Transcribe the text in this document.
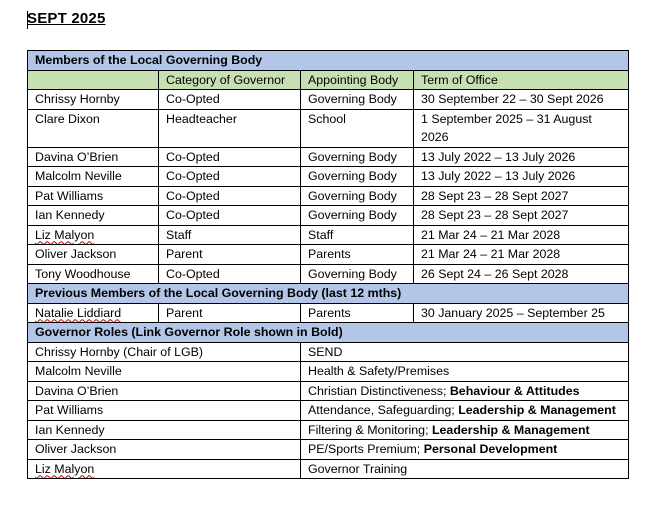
SEPT 2025
Members of the Local Governing Body			
	Category of Governor	Appointing Body	Term of Office
Chrissy Hornby	Co-Opted	Governing Body	30 September 22 – 30 Sept 2026
Clare Dixon	Headteacher	School	1 September 2025 – 31 August 2026
Davina O’Brien	Co-Opted	Governing Body	13 July 2022 – 13 July 2026
Malcolm Neville	Co-Opted	Governing Body	13 July 2022 – 13 July 2026
Pat Williams	Co-Opted	Governing Body	28 Sept 23 – 28 Sept 2027
Ian Kennedy	Co-Opted	Governing Body	28 Sept 23 – 28 Sept 2027
Liz Malyon	Staff	Staff	21 Mar 24 – 21 Mar 2028
Oliver Jackson	Parent	Parents	21 Mar 24 – 21 Mar 2028
Tony Woodhouse	Co-Opted	Governing Body	26 Sept 24 – 26 Sept 2028
Previous Members of the Local Governing Body (last 12 mths)			
Natalie Liddiard	Parent	Parents	30 January 2025 – September 25
Governor Roles (Link Governor Role shown in Bold)			
Chrissy Hornby (Chair of LGB)		SEND	
Malcolm Neville		Health & Safety/Premises	
Davina O’Brien		Christian Distinctiveness; Behaviour & Attitudes	
Pat Williams		Attendance, Safeguarding; Leadership & Management	
Ian Kennedy		Filtering & Monitoring; Leadership & Management	
Oliver Jackson		PE/Sports Premium; Personal Development	
Liz Malyon		Governor Training	
